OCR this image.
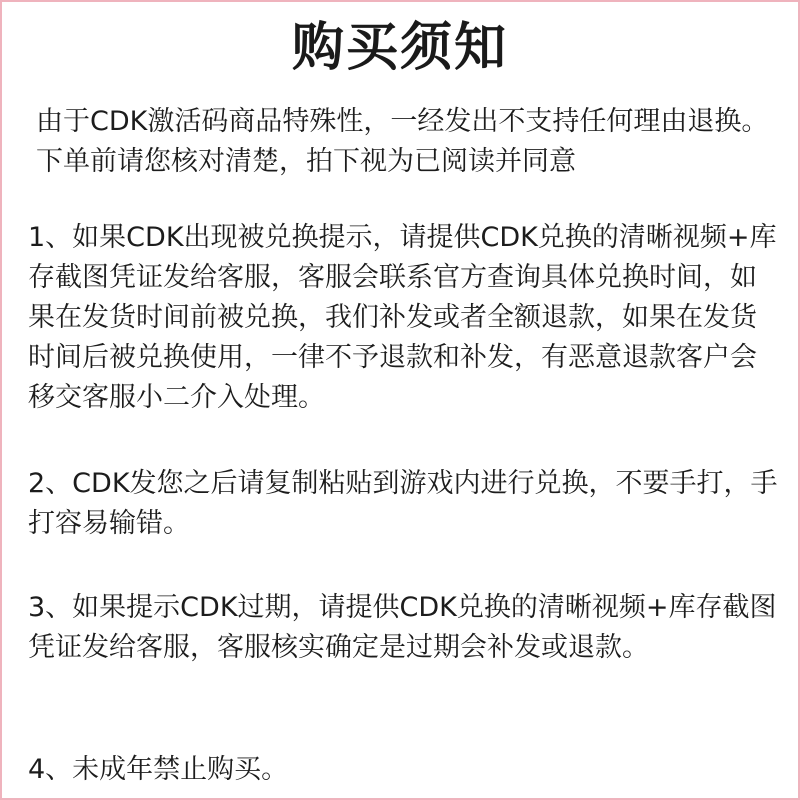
购买须知

由于CDK激活码商品特殊性，一经发出不支持任何理由退换。下单前请您核对清楚，拍下视为已阅读并同意

1、如果CDK出现被兑换提示，请提供CDK兑换的清晰视频+库存截图凭证发给客服，客服会联系官方查询具体兑换时间，如果在发货时间前被兑换，我们补发或者全额退款，如果在发货时间后被兑换使用，一律不予退款和补发，有恶意退款客户会移交客服小二介入处理。

2、CDK发您之后请复制粘贴到游戏内进行兑换，不要手打，手打容易输错。

3、如果提示CDK过期，请提供CDK兑换的清晰视频+库存截图凭证发给客服，客服核实确定是过期会补发或退款。

4、未成年禁止购买。
